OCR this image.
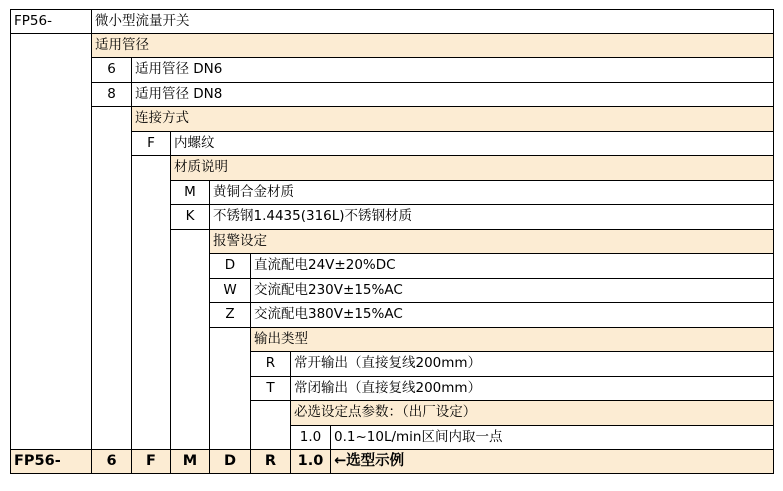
FP56-	微小型流量开关
适用管径
6	适用管径 DN6
8	适用管径 DN8
连接方式
F	内螺纹
材质说明
M	黄铜合金材质
K	不锈钢1.4435(316L)不锈钢材质
报警设定
D	直流配电24V±20%DC
W	交流配电230V±15%AC
Z	交流配电380V±15%AC
输出类型
R	常开输出（直接复线200mm）
T	常闭输出（直接复线200mm）
必选设定点参数：（出厂设定）
1.0 0.1~10L/min区间内取一点
FP56-	6	F	M	D	R	1.0 ←选型示例
